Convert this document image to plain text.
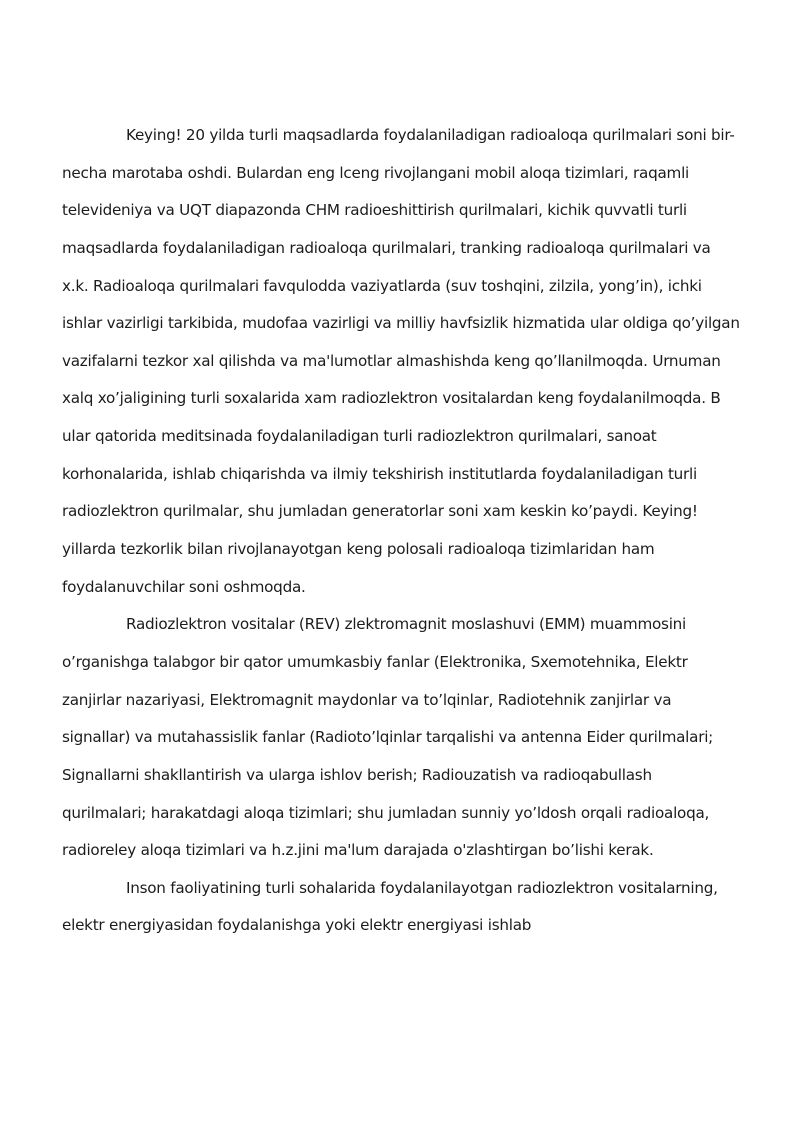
Keying! 20 yilda turli maqsadlarda foydalaniladigan radioaloqa qurilmalari soni bir-
necha marotaba oshdi. Bulardan eng lceng rivojlangani mobil aloqa tizimlari, raqamli
televideniya va UQT diapazonda CHM radioeshittirish qurilmalari, kichik quvvatli turli
maqsadlarda foydalaniladigan radioaloqa qurilmalari, tranking radioaloqa qurilmalari va
x.k. Radioaloqa qurilmalari favqulodda vaziyatlarda (suv toshqini, zilzila, yong’in), ichki
ishlar vazirligi tarkibida, mudofaa vazirligi va milliy havfsizlik hizmatida ular oldiga qo’yilgan
vazifalarni tezkor xal qilishda va ma'lumotlar almashishda keng qo’llanilmoqda. Urnuman
xalq xo’jaligining turli soxalarida xam radiozlektron vositalardan keng foydalanilmoqda. B
ular qatorida meditsinada foydalaniladigan turli radiozlektron qurilmalari, sanoat
korhonalarida, ishlab chiqarishda va ilmiy tekshirish institutlarda foydalaniladigan turli
radiozlektron qurilmalar, shu jumladan generatorlar soni xam keskin ko’paydi. Keying!
yillarda tezkorlik bilan rivojlanayotgan keng polosali radioaloqa tizimlaridan ham
foydalanuvchilar soni oshmoqda.
Radiozlektron vositalar (REV) zlektromagnit moslashuvi (EMM) muammosini
o’rganishga talabgor bir qator umumkasbiy fanlar (Elektronika, Sxemotehnika, Elektr
zanjirlar nazariyasi, Elektromagnit maydonlar va to’lqinlar, Radiotehnik zanjirlar va
signallar) va mutahassislik fanlar (Radioto’lqinlar tarqalishi va antenna Eider qurilmalari;
Signallarni shakllantirish va ularga ishlov berish; Radiouzatish va radioqabullash
qurilmalari; harakatdagi aloqa tizimlari; shu jumladan sunniy yo’ldosh orqali radioaloqa,
radioreley aloqa tizimlari va h.z.jini ma'lum darajada o'zlashtirgan bo’lishi kerak.
Inson faoliyatining turli sohalarida foydalanilayotgan radiozlektron vositalarning,
elektr energiyasidan foydalanishga yoki elektr energiyasi ishlab
